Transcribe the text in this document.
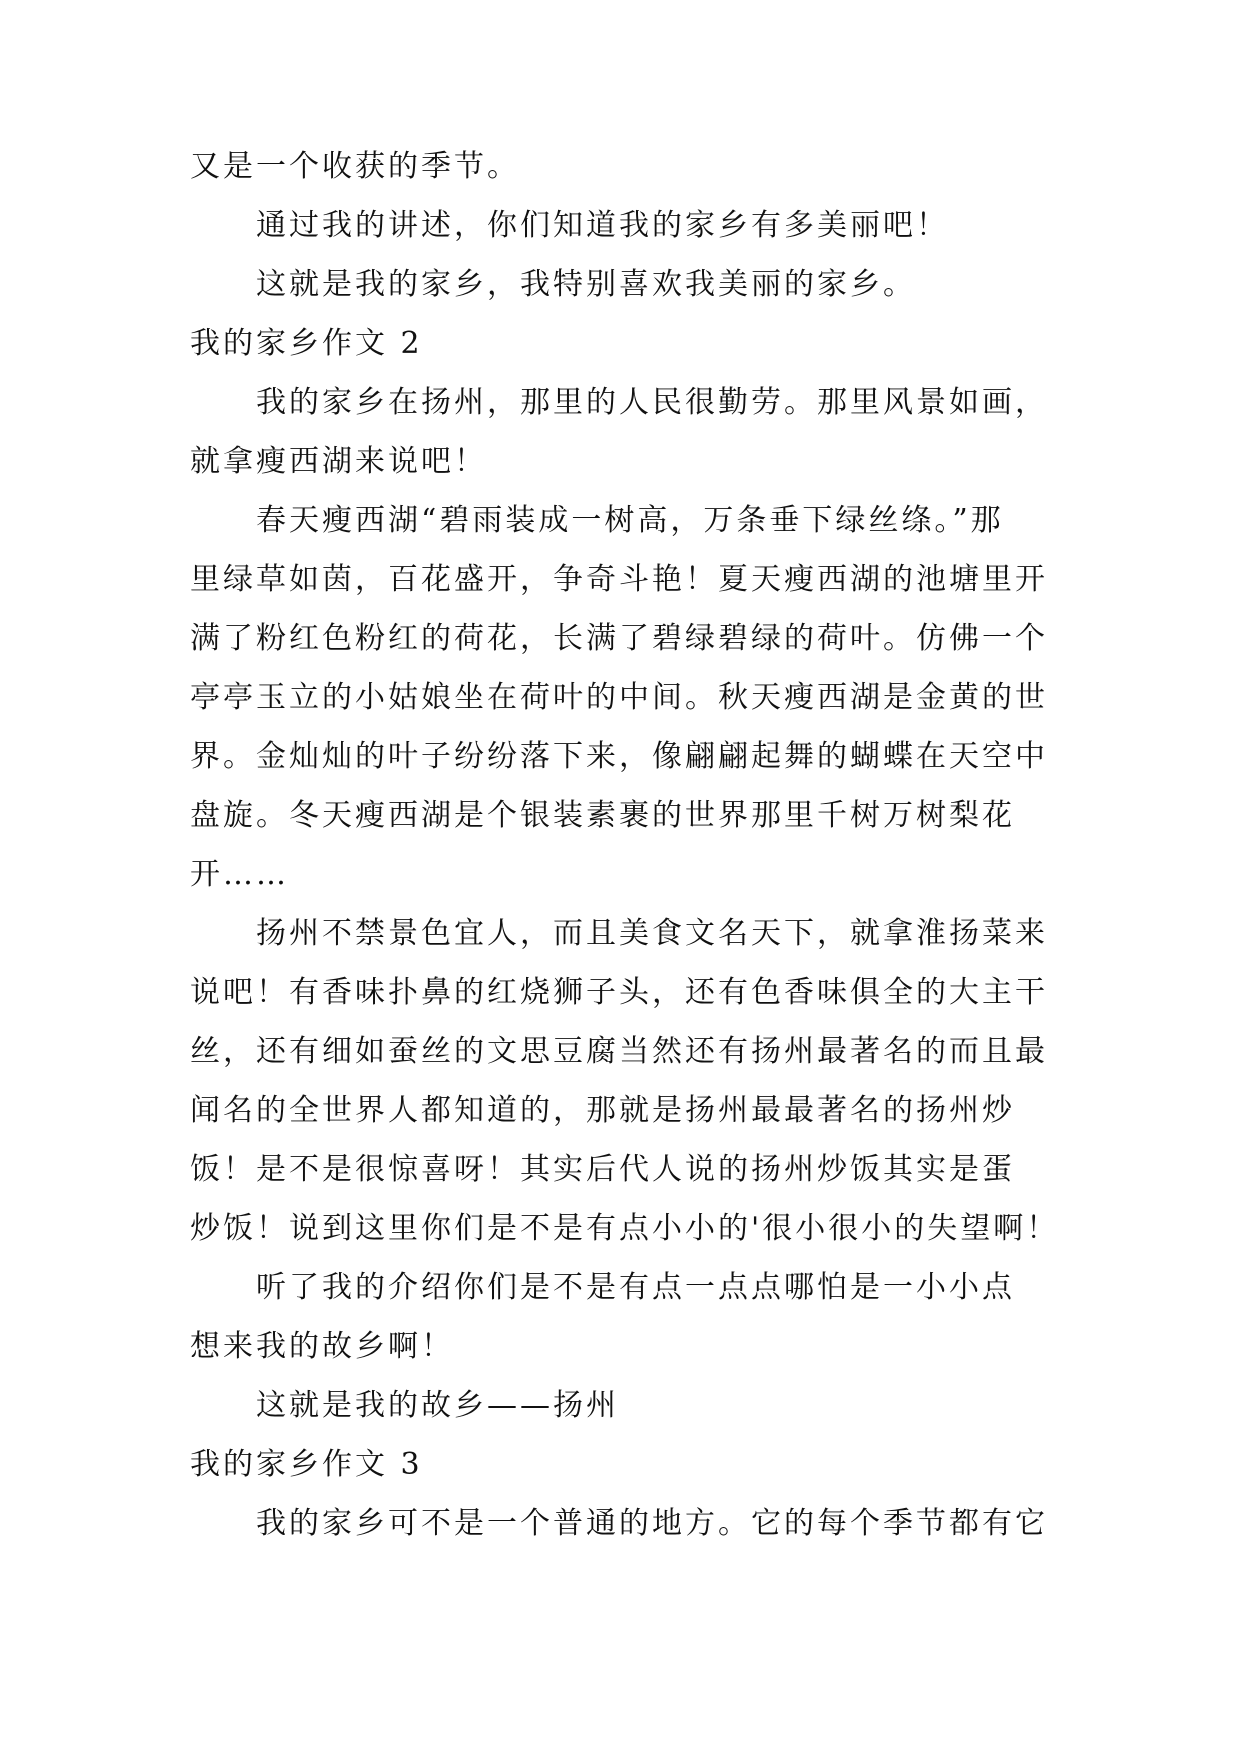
又是一个收获的季节。

通过我的讲述，你们知道我的家乡有多美丽吧！

这就是我的家乡，我特别喜欢我美丽的家乡。

我的家乡作文 2

我的家乡在扬州，那里的人民很勤劳。那里风景如画，

就拿瘦西湖来说吧！

春天瘦西湖“碧雨装成一树高，万条垂下绿丝绦。”那

里绿草如茵，百花盛开，争奇斗艳！夏天瘦西湖的池塘里开

满了粉红色粉红的荷花，长满了碧绿碧绿的荷叶。仿佛一个

亭亭玉立的小姑娘坐在荷叶的中间。秋天瘦西湖是金黄的世

界。金灿灿的叶子纷纷落下来，像翩翩起舞的蝴蝶在天空中

盘旋。冬天瘦西湖是个银装素裹的世界那里千树万树梨花

开……

扬州不禁景色宜人，而且美食文名天下，就拿淮扬菜来

说吧！有香味扑鼻的红烧狮子头，还有色香味俱全的大主干

丝，还有细如蚕丝的文思豆腐当然还有扬州最著名的而且最

闻名的全世界人都知道的，那就是扬州最最著名的扬州炒

饭！是不是很惊喜呀！其实后代人说的扬州炒饭其实是蛋

炒饭！说到这里你们是不是有点小小的'很小很小的失望啊！

听了我的介绍你们是不是有点一点点哪怕是一小小点

想来我的故乡啊！

这就是我的故乡——扬州

我的家乡作文 3

我的家乡可不是一个普通的地方。它的每个季节都有它
